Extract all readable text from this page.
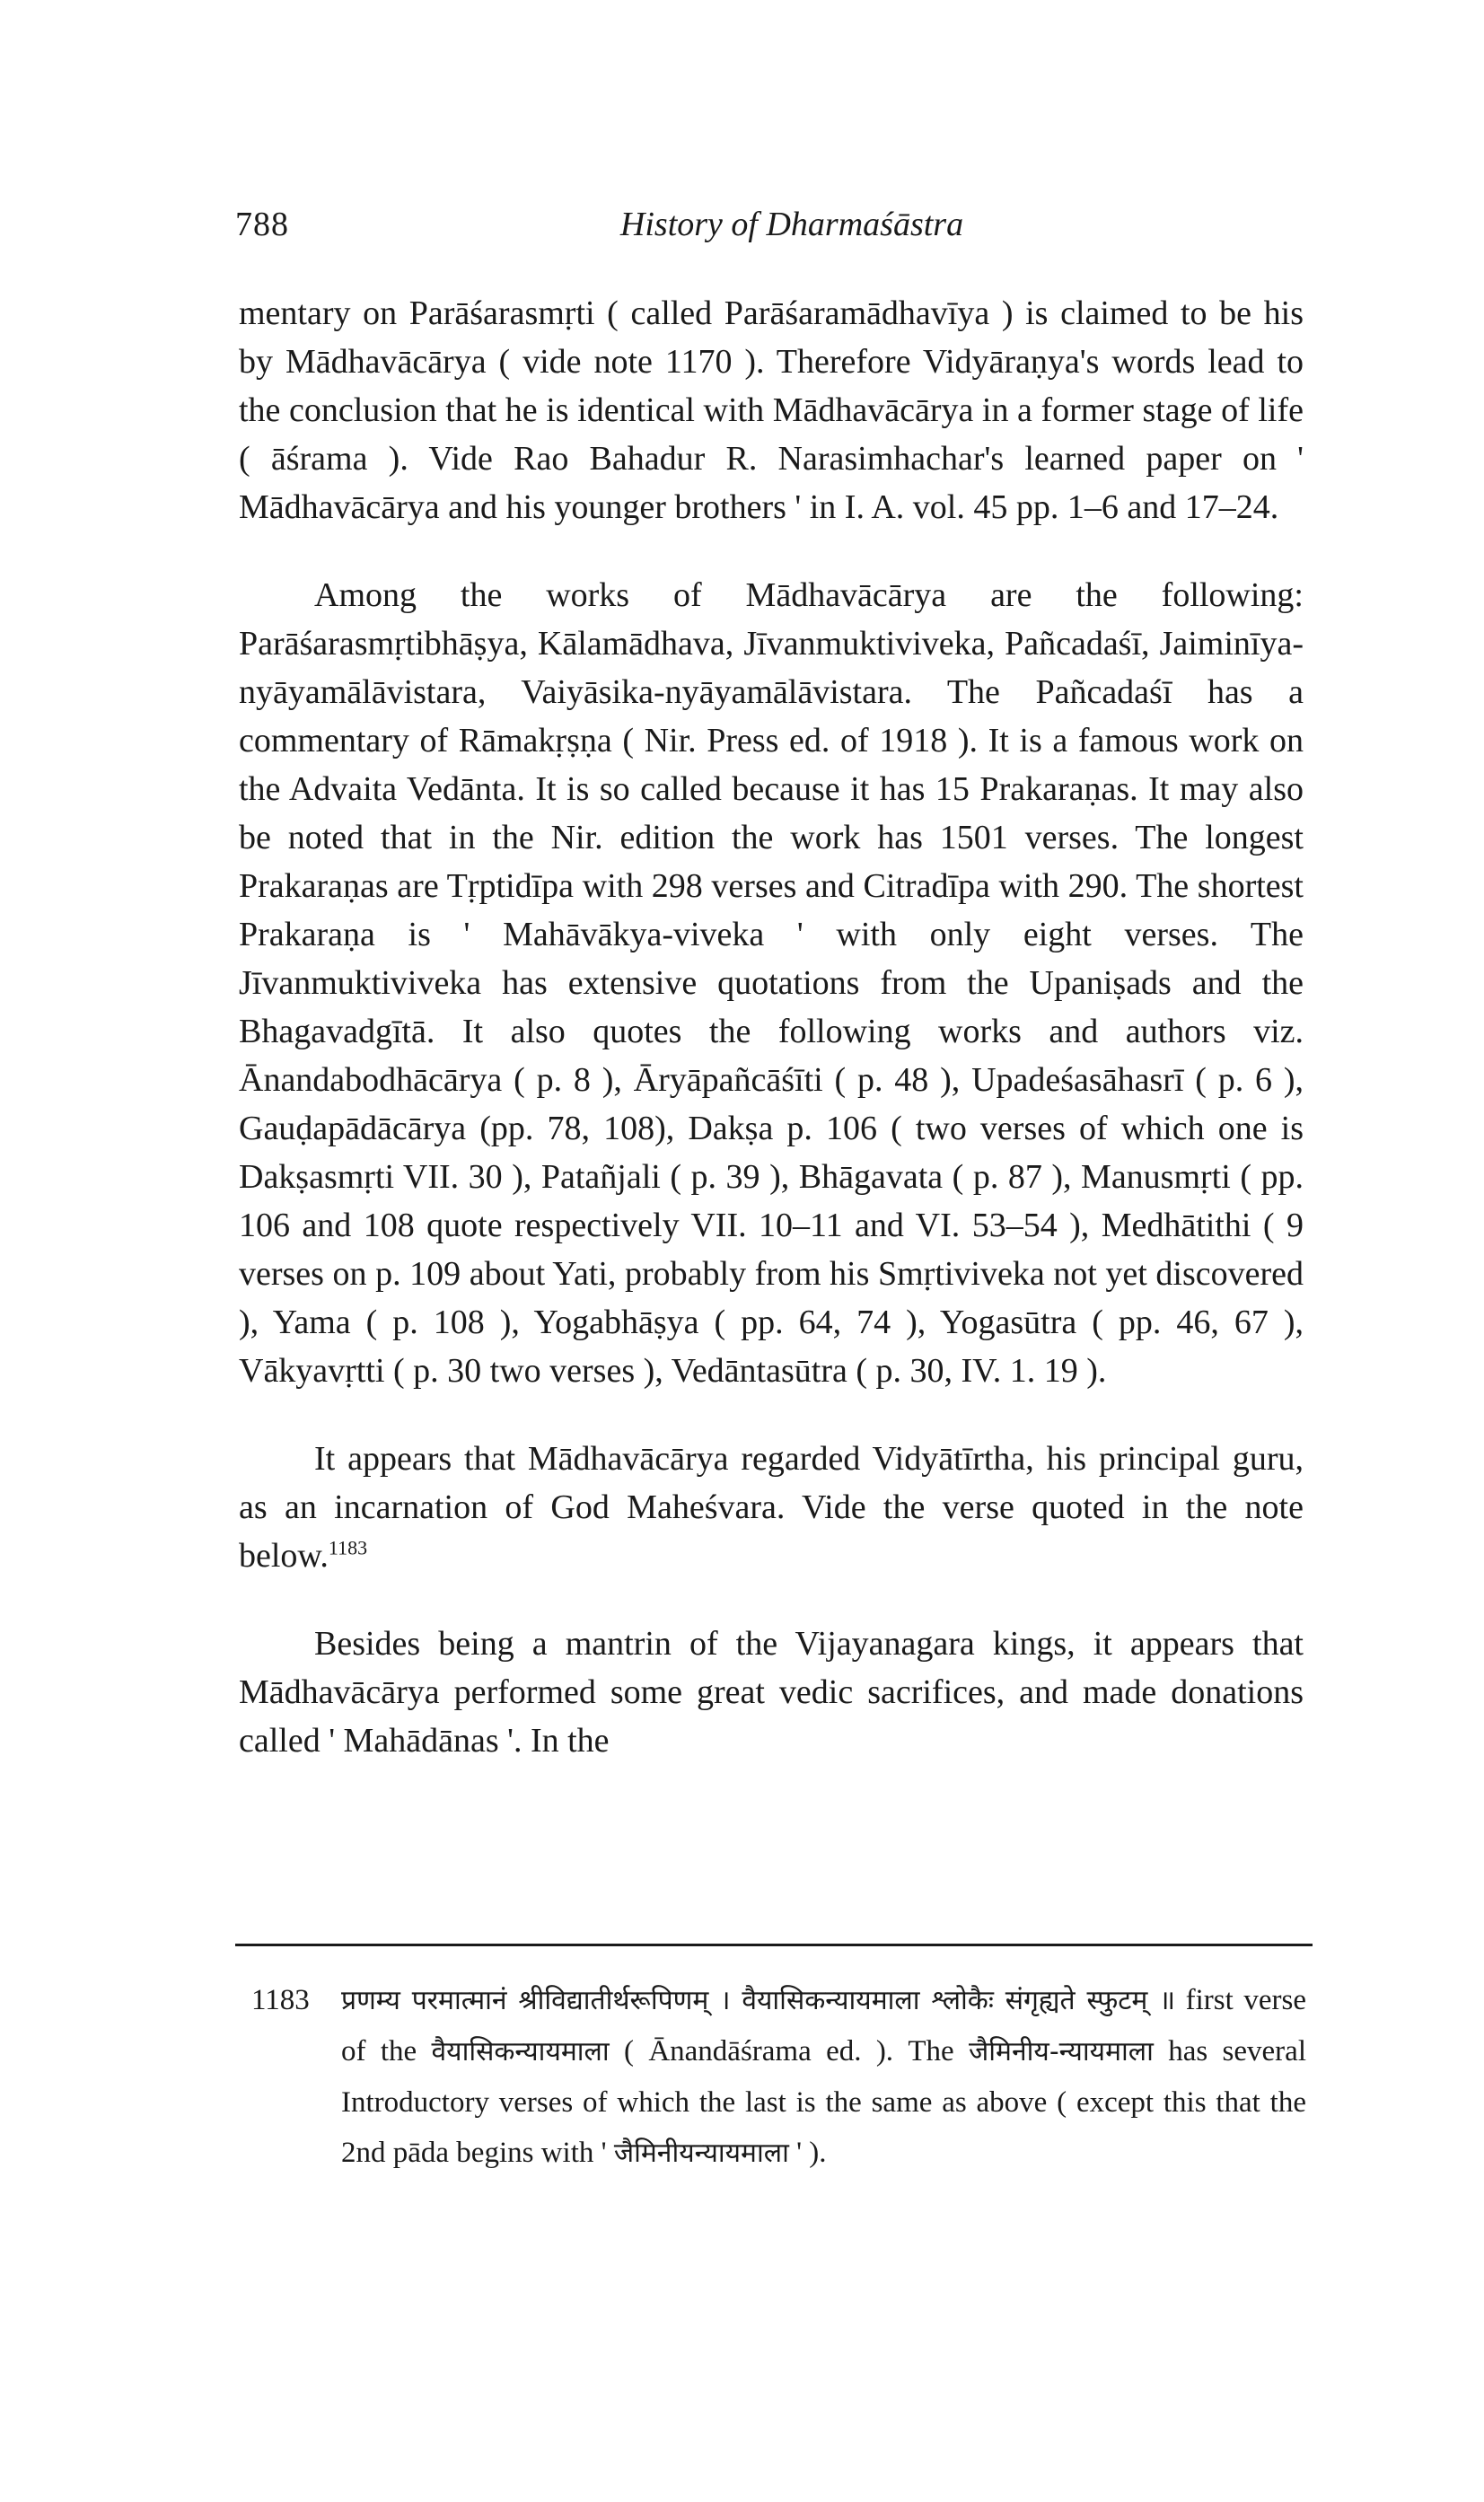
788	History of Dharmaśāstra

mentary on Parāśarasmṛti ( called Parāśaramādhavīya ) is claimed to be his by Mādhavācārya ( vide note 1170 ). Therefore Vidyāraṇya's words lead to the conclusion that he is identical with Mādhavācārya in a former stage of life ( āśrama ). Vide Rao Bahadur R. Narasimhachar's learned paper on ' Mādhavācārya and his younger brothers ' in I. A. vol. 45 pp. 1–6 and 17–24.

Among the works of Mādhavācārya are the following: Parāśarasmṛtibhāṣya, Kālamādhava, Jīvanmuktiviveka, Pañcadaśī, Jaiminīya-nyāyamālāvistara, Vaiyāsika-nyāyamālāvistara. The Pañcadaśī has a commentary of Rāmakṛṣṇa ( Nir. Press ed. of 1918 ). It is a famous work on the Advaita Vedānta. It is so called because it has 15 Prakaraṇas. It may also be noted that in the Nir. edition the work has 1501 verses. The longest Prakaraṇas are Tṛptidīpa with 298 verses and Citradīpa with 290. The shortest Prakaraṇa is ' Mahāvākya-viveka ' with only eight verses. The Jīvanmuktiviveka has extensive quotations from the Upaniṣads and the Bhagavadgītā. It also quotes the following works and authors viz. Ānandabodhācārya ( p. 8 ), Āryāpañcāśīti ( p. 48 ), Upadeśasāhasrī ( p. 6 ), Gauḍapādācārya (pp. 78, 108), Dakṣa p. 106 ( two verses of which one is Dakṣasmṛti VII. 30 ), Patañjali ( p. 39 ), Bhāgavata ( p. 87 ), Manusmṛti ( pp. 106 and 108 quote respectively VII. 10–11 and VI. 53–54 ), Medhātithi ( 9 verses on p. 109 about Yati, probably from his Smṛtiviveka not yet discovered ), Yama ( p. 108 ), Yogabhāṣya ( pp. 64, 74 ), Yogasūtra ( pp. 46, 67 ), Vākyavṛtti ( p. 30 two verses ), Vedāntasūtra ( p. 30, IV. 1. 19 ).

It appears that Mādhavācārya regarded Vidyātīrtha, his principal guru, as an incarnation of God Maheśvara. Vide the verse quoted in the note below.$^{1183}$

Besides being a mantrin of the Vijayanagara kings, it appears that Mādhavācārya performed some great vedic sacrifices, and made donations called ' Mahādānas '. In the

1183 प्रणम्य परमात्मानं श्रीविद्यातीर्थरूपिणम् । वैयासिकन्यायमाला श्लोकैः संगृह्यते स्फुटम् ॥ first verse of the वैयासिकन्यायमाला ( Ānandāśrama ed. ). The जैमिनीय-न्यायमाला has several Introductory verses of which the last is the same as above ( except this that the 2nd pāda begins with ' जैमिनीयन्यायमाला ' ).
